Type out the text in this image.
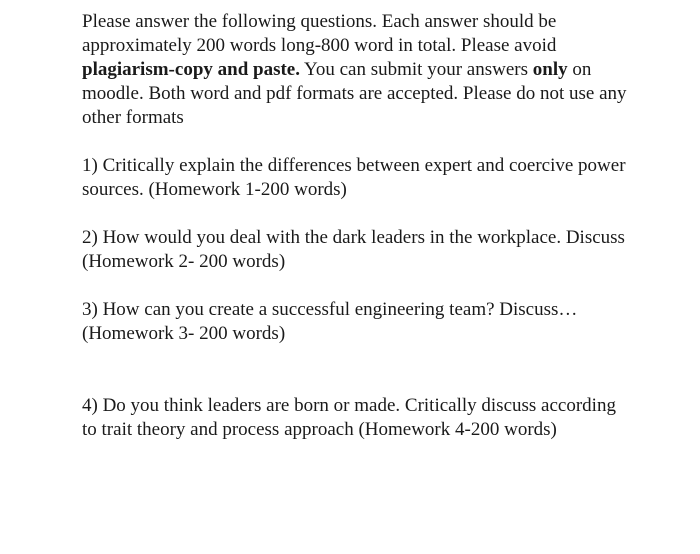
Please answer the following questions. Each answer should be approximately 200 words long-800 word in total. Please avoid plagiarism-copy and paste. You can submit your answers only on moodle. Both word and pdf formats are accepted. Please do not use any other formats

1) Critically explain the differences between expert and coercive power sources. (Homework 1-200 words)

2) How would you deal with the dark leaders in the workplace. Discuss (Homework 2- 200 words)

3) How can you create a successful engineering team? Discuss… (Homework 3- 200 words)

4) Do you think leaders are born or made. Critically discuss according to trait theory and process approach (Homework 4-200 words)
